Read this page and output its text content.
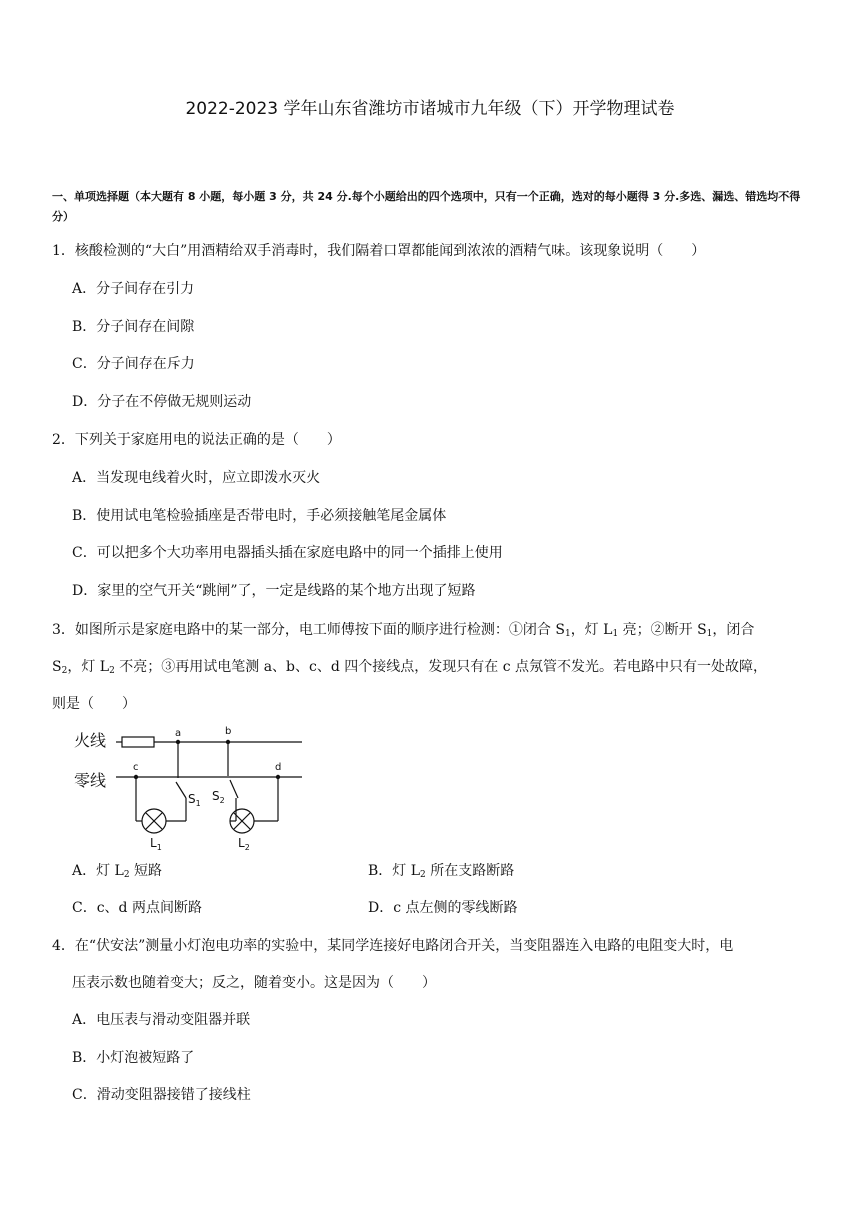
2022-2023 学年山东省潍坊市诸城市九年级（下）开学物理试卷
一、单项选择题（本大题有 8 小题，每小题 3 分，共 24 分.每个小题给出的四个选项中，只有一个正确，选对的每小题得 3 分.多选、漏选、错选均不得分）
1．核酸检测的“大白”用酒精给双手消毒时，我们隔着口罩都能闻到浓浓的酒精气味。该现象说明（　　）
A．分子间存在引力
B．分子间存在间隙
C．分子间存在斥力
D．分子在不停做无规则运动
2．下列关于家庭用电的说法正确的是（　　）
A．当发现电线着火时，应立即泼水灭火
B．使用试电笔检验插座是否带电时，手必须接触笔尾金属体
C．可以把多个大功率用电器插头插在家庭电路中的同一个插排上使用
D．家里的空气开关“跳闸”了，一定是线路的某个地方出现了短路
3．如图所示是家庭电路中的某一部分，电工师傅按下面的顺序进行检测：①闭合 $S_1$，灯 $L_1$ 亮；②断开 $S_1$，闭合
$S_2$，灯 $L_2$ 不亮；③再用试电笔测 a、b、c、d 四个接线点，发现只有在 c 点氖管不发光。若电路中只有一处故障，
则是（　　）
火线
零线
a	b
c	d
$S_1$
$S_2$
$L_1$	$L_2$
A．灯 $L_2$ 短路	B．灯 $L_2$ 所在支路断路
C．c、d 两点间断路	D．c 点左侧的零线断路
4．在“伏安法”测量小灯泡电功率的实验中，某同学连接好电路闭合开关，当变阻器连入电路的电阻变大时，电
压表示数也随着变大；反之，随着变小。这是因为（　　）
A．电压表与滑动变阻器并联
B．小灯泡被短路了
C．滑动变阻器接错了接线柱
